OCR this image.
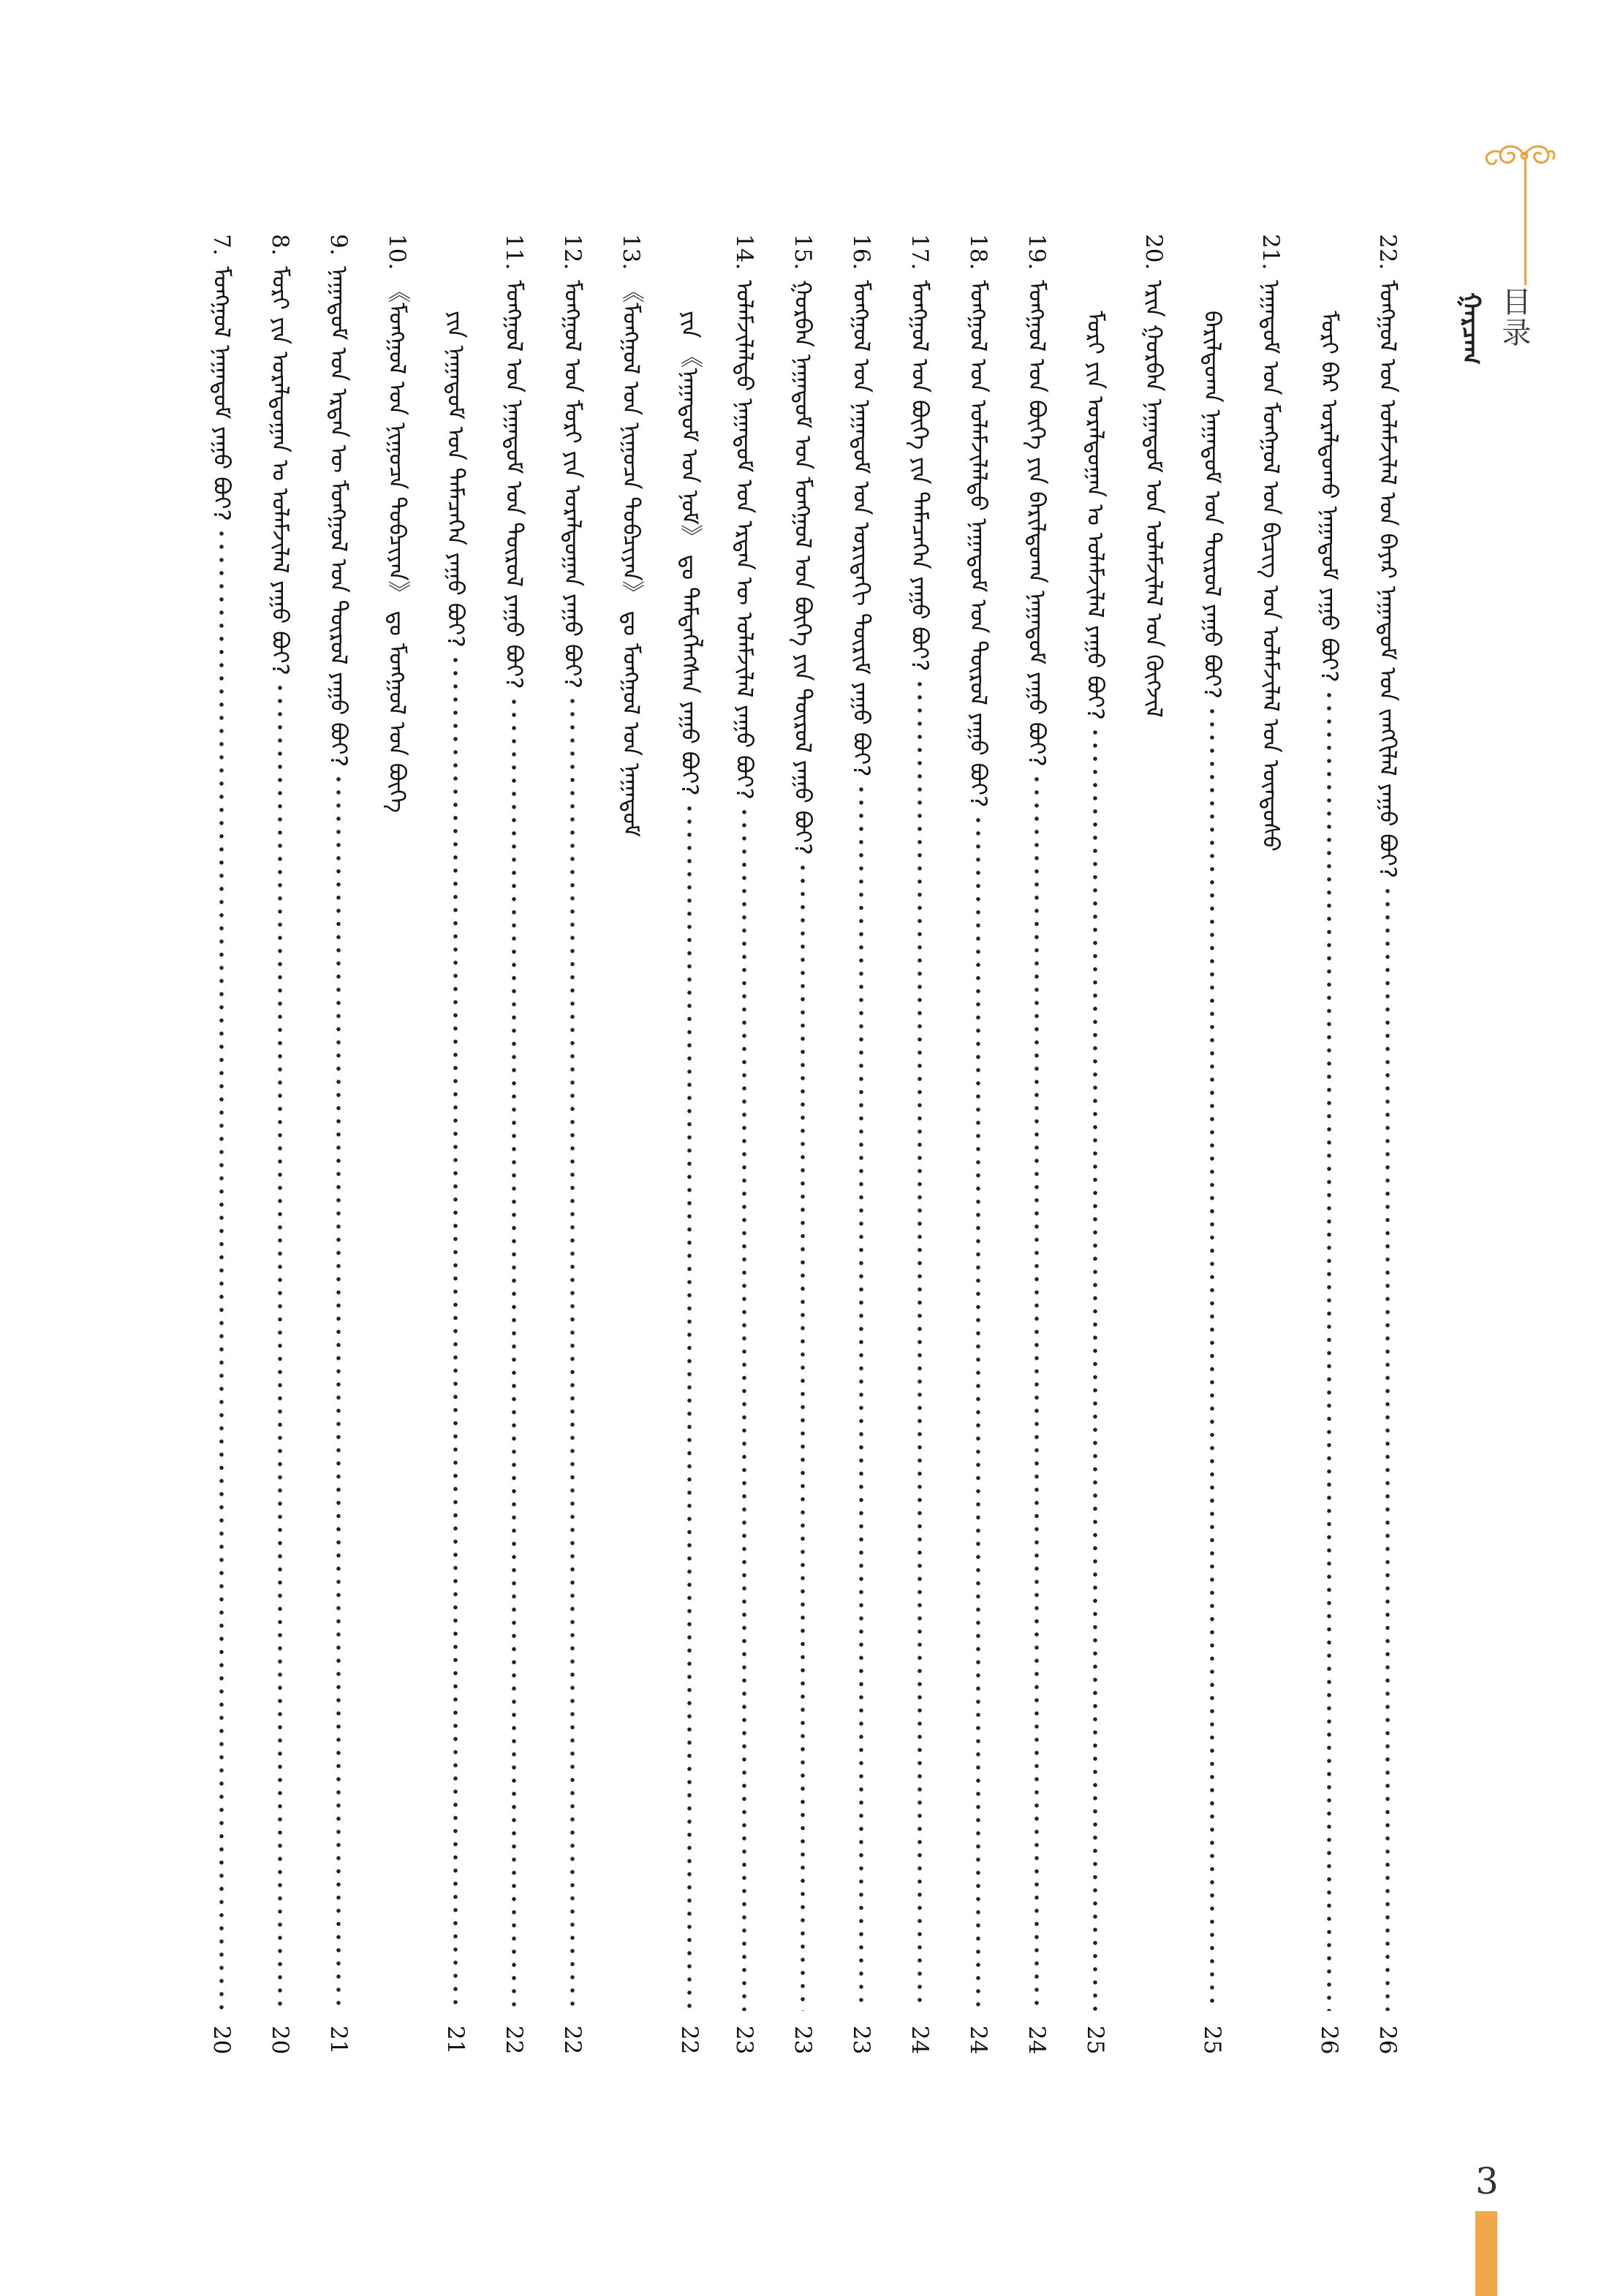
目录
ᠭᠠᠷᠴᠠᠭ
22.
ᠮᠣᠩᠭᠣᠯ ᠤᠨ ᠤᠯᠠᠮᠵᠢᠯᠠᠯ ᠤᠨ ᠪᠠᠶᠠᠷ ᠨᠠᠭᠠᠳᠤᠮ ᠤᠨ ᠵᠠᠩᠬᠢᠯᠠᠯ ᠶᠠᠭᠤ ᠪᠤᠢ?
26
ᠮᠣᠷᠢ ᠪᠠᠷ ᠤᠷᠠᠯᠳᠤᠬᠤ ᠨᠠᠭᠠᠳᠤᠮ ᠶᠠᠭᠤ ᠪᠤᠢ?
26
21.
ᠨᠠᠭᠠᠳᠤᠮ ᠤᠨ ᠮᠣᠩᠭᠣᠯ ᠤᠨ ᠪᠢᠴᠢᠭ ᠤᠨ ᠤᠯᠠᠮᠵᠢᠯᠠᠯ ᠤᠨ ᠦᠨᠳᠦᠰᠦ
ᠪᠠᠷᠢᠯᠳᠤᠬᠠ ᠨᠠᠭᠠᠳᠤᠮ ᠤᠨ ᠲᠥᠷᠥᠯ ᠶᠠᠭᠤ ᠪᠤᠢ?
25
20.
ᠡᠷᠢᠨ ᠭᠤᠷᠪᠠᠨ ᠨᠠᠭᠠᠳᠤᠮ ᠤᠨ ᠤᠯᠠᠮᠵᠢᠯᠠᠯ ᠤᠨ ᠬᠥᠭᠵᠢᠯ
ᠮᠣᠷᠢ ᠶᠢᠨ ᠤᠷᠠᠯᠳᠤᠭᠠᠨ ᠤ ᠤᠯᠠᠮᠵᠢᠯᠠᠯ ᠶᠠᠭᠤ ᠪᠤᠢ?
25
19.
ᠮᠣᠩᠭᠣᠯ ᠤᠨ ᠪᠥᠬᠡ ᠶᠢᠨ ᠪᠠᠷᠢᠯᠳᠤᠬᠠ ᠨᠠᠭᠠᠳᠤᠮ ᠶᠠᠭᠤ ᠪᠤᠢ?
24
18.
ᠮᠣᠩᠭᠣᠯ ᠤᠨ ᠤᠯᠠᠮᠵᠢᠯᠠᠯᠲᠤ ᠨᠠᠭᠠᠳᠤᠮ ᠤᠨ ᠲᠥᠷᠥᠯ ᠶᠠᠭᠤ ᠪᠤᠢ?
24
17.
ᠮᠣᠩᠭᠣᠯ ᠤᠨ ᠪᠥᠬᠡ ᠶᠢᠨ ᠲᠡᠮᠡᠴᠡᠭᠡᠨ ᠶᠠᠭᠤ ᠪᠤᠢ?
24
16.
ᠮᠣᠩᠭᠣᠯ ᠤᠨ ᠨᠠᠭᠠᠳᠤᠮ ᠤᠨ ᠤᠷᠢᠳᠠᠬᠢ ᠳᠦᠷᠢᠮ ᠶᠠᠭᠤ ᠪᠤᠢ?
23
15.
ᠭᠤᠷᠪᠠᠨ ᠨᠠᠭᠠᠳᠤᠮ ᠤᠨ ᠮᠣᠩᠭᠣᠯ ᠤᠨ ᠪᠥᠬᠡ ᠶᠢᠨ ᠲᠥᠷᠥᠯ ᠶᠠᠭᠤ ᠪᠤᠢ?
23
14.
ᠤᠯᠠᠮᠵᠢᠯᠠᠯᠲᠤ ᠨᠠᠭᠠᠳᠤᠮ ᠤᠨ ᠡᠷᠲᠡᠨ ᠦ ᠤᠯᠠᠮᠵᠢᠯᠠᠯ ᠶᠠᠭᠤ ᠪᠤᠢ?
23
ᠶᠢᠨ 《ᠨᠠᠭᠠᠳᠤᠮ ᠤᠨ ᠨᠣᠮ》 ᠳᠤ ᠲᠡᠮᠳᠡᠭᠯᠡᠭᠰᠡᠨ ᠶᠠᠭᠤ ᠪᠤᠢ?
22
13.
《ᠮᠣᠩᠭᠣᠯ ᠤᠨ ᠨᠢᠭᠤᠴᠠ ᠲᠣᠪᠴᠢᠶᠠᠨ》 ᠳᠤ ᠮᠣᠩᠭᠣᠯ ᠤᠨ ᠨᠠᠭᠠᠳᠤᠮ
12.
ᠮᠣᠩᠭᠣᠯ ᠤᠨ ᠮᠣᠷᠢ ᠶᠢᠨ ᠤᠷᠠᠯᠳᠤᠭᠠᠨ ᠶᠠᠭᠤ ᠪᠤᠢ?
22
11.
ᠮᠣᠩᠭᠣᠯ ᠤᠨ ᠨᠠᠭᠠᠳᠤᠮ ᠤᠨ ᠲᠥᠷᠥᠯ ᠶᠠᠭᠤ ᠪᠤᠢ?
22
ᠶᠢᠨ ᠨᠠᠭᠠᠳᠤᠮ ᠤᠨ ᠲᠡᠮᠡᠴᠡᠭᠡᠨ ᠶᠠᠭᠤ ᠪᠤᠢ?
21
10.
《ᠮᠣᠩᠭᠣᠯ ᠤᠨ ᠨᠢᠭᠤᠴᠠ ᠲᠣᠪᠴᠢᠶᠠᠨ》 ᠳᠤ ᠮᠣᠩᠭᠣᠯ ᠤᠨ ᠪᠥᠬᠡ
9.
ᠨᠠᠭᠠᠳᠤᠮ ᠤᠨ ᠡᠷᠲᠡᠨ ᠦ ᠮᠣᠩᠭᠣᠯ ᠤᠨ ᠲᠥᠷᠥᠯ ᠶᠠᠭᠤ ᠪᠤᠢ?
21
8.
ᠮᠣᠷᠢ ᠶᠢᠨ ᠤᠷᠠᠯᠳᠤᠭᠠᠨ ᠤ ᠤᠯᠠᠮᠵᠢᠯᠠᠯ ᠶᠠᠭᠤ ᠪᠤᠢ?
20
7.
ᠮᠣᠩᠭᠣᠯ ᠨᠠᠭᠠᠳᠤᠮ ᠶᠠᠭᠤ ᠪᠤᠢ?
20
3
